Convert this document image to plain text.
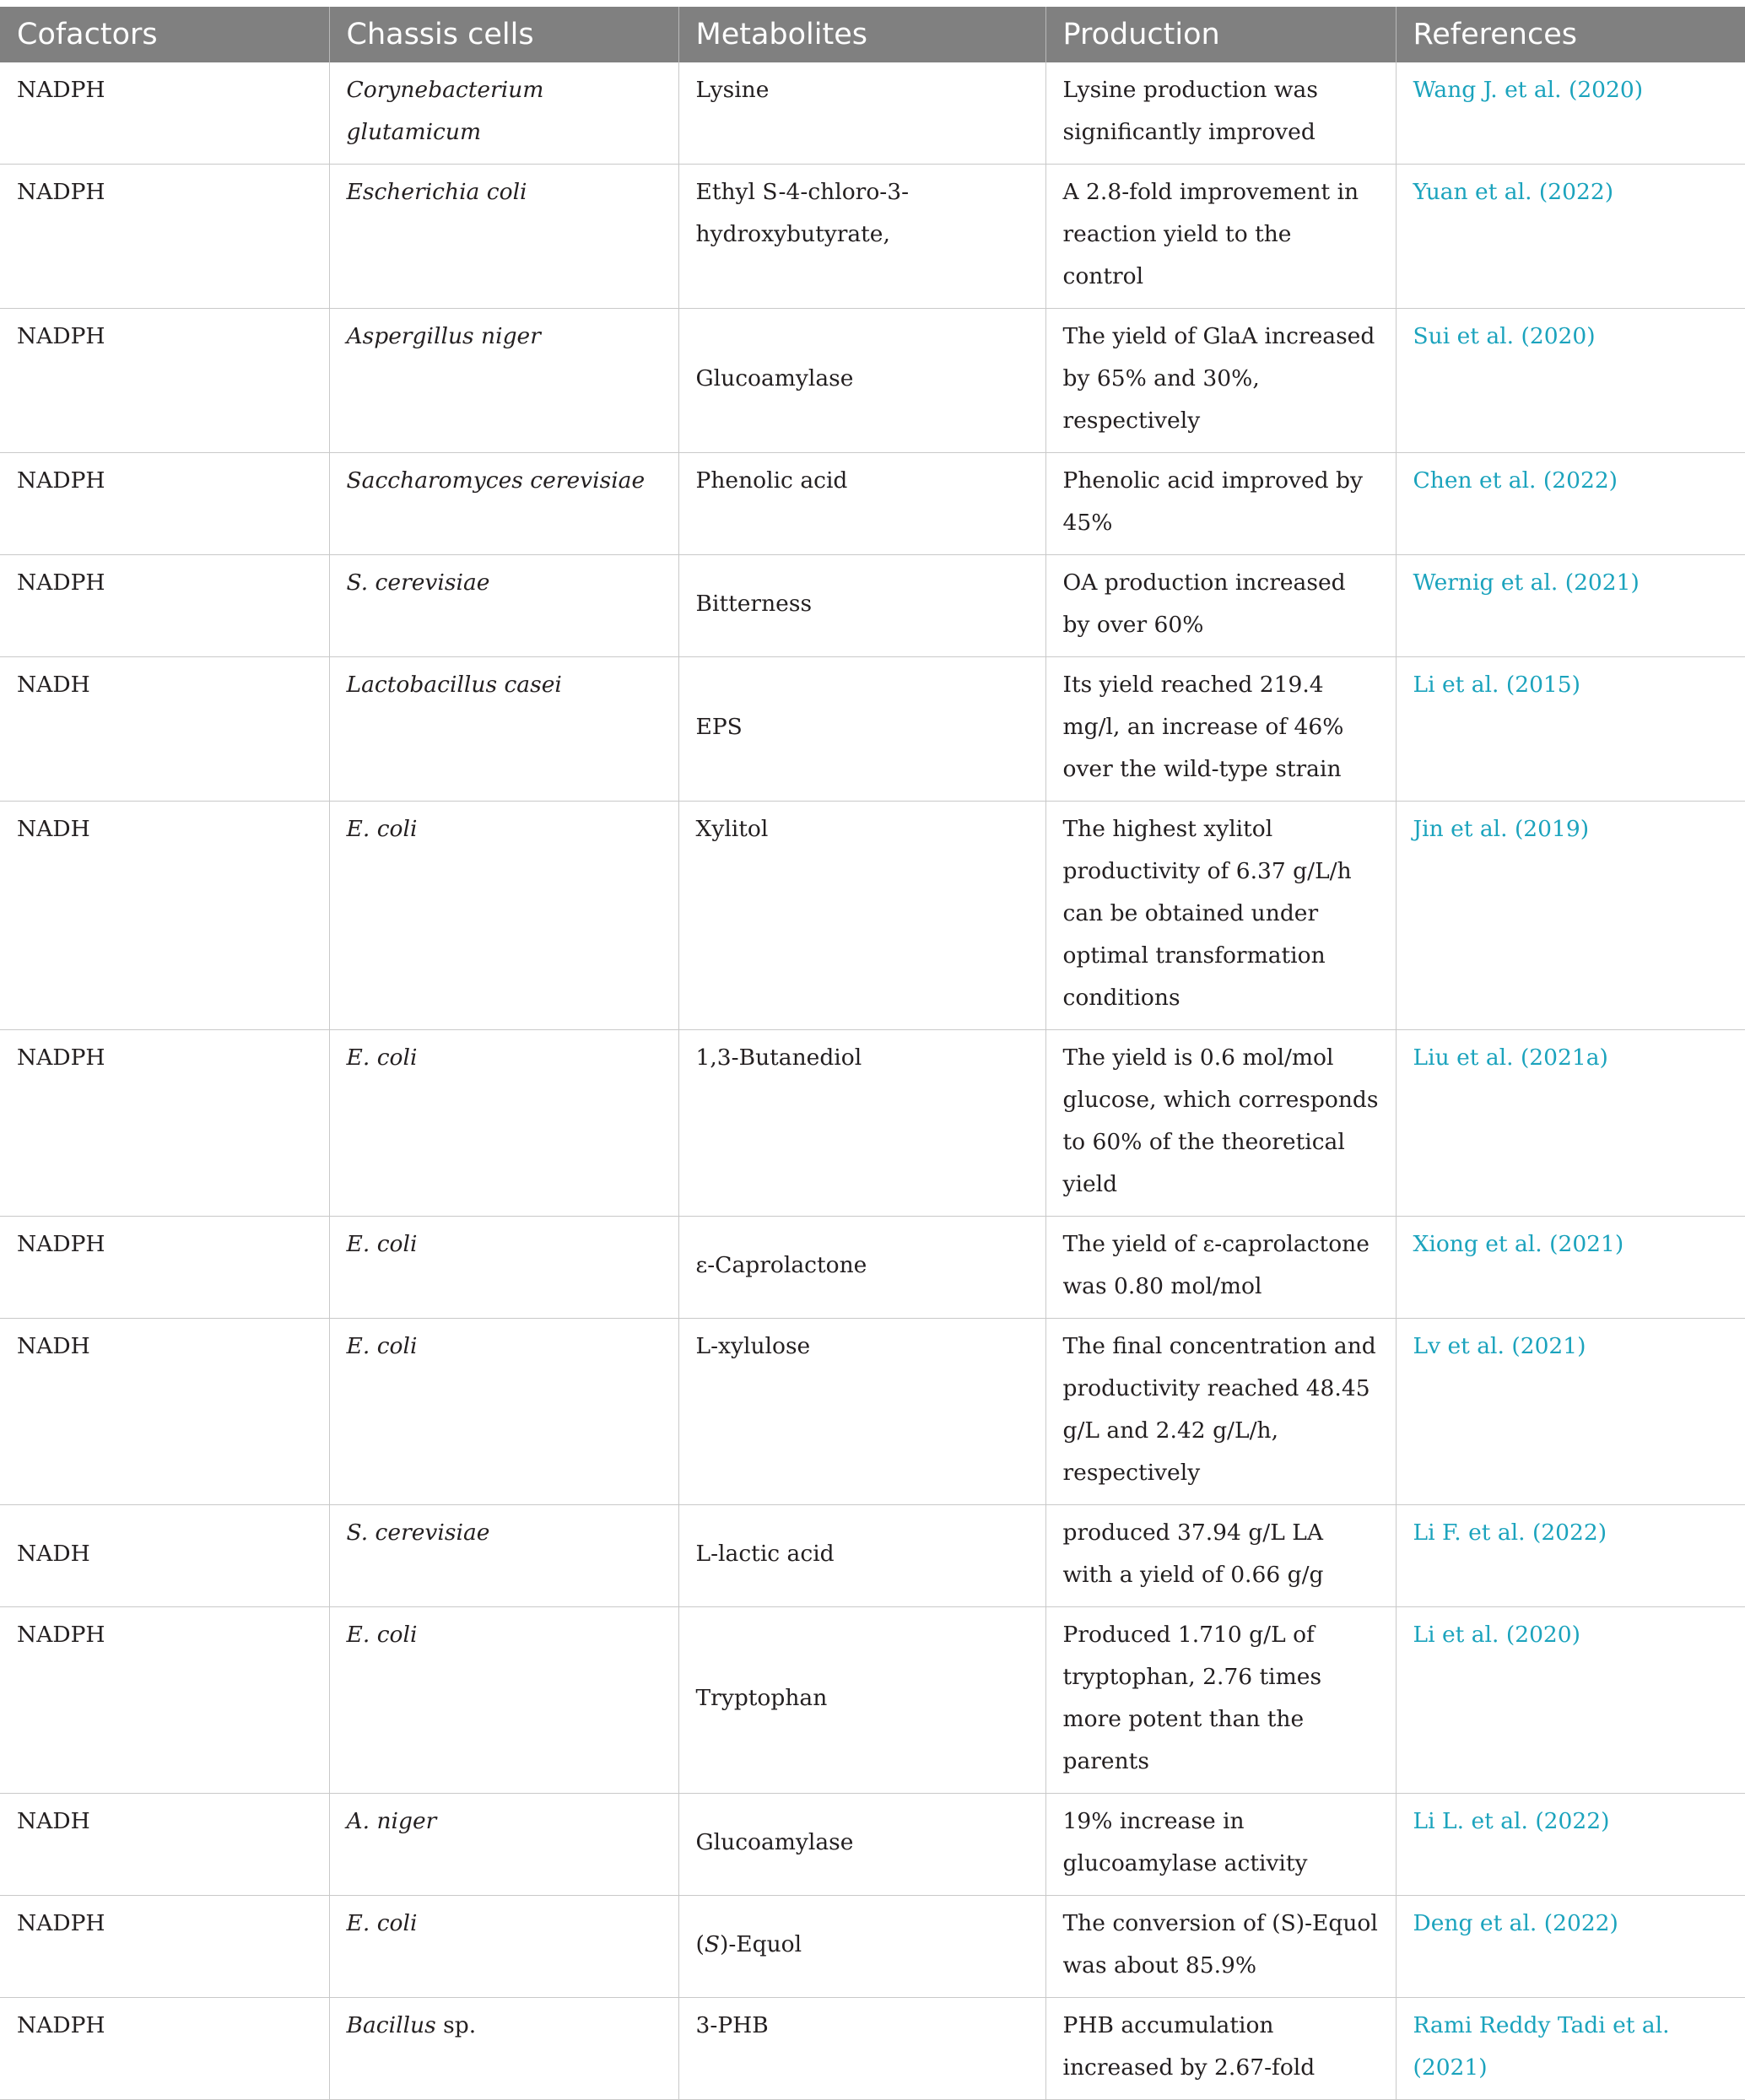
Cofactors	Chassis cells	Metabolites	Production	References
NADPH	Corynebacterium glutamicum	Lysine	Lysine production was significantly improved	Wang J. et al. (2020)
NADPH	Escherichia coli	Ethyl S-4-chloro-3-hydroxybutyrate,	A 2.8-fold improvement in reaction yield to the control	Yuan et al. (2022)
NADPH	Aspergillus niger	Glucoamylase	The yield of GlaA increased by 65% and 30%, respectively	Sui et al. (2020)
NADPH	Saccharomyces cerevisiae	Phenolic acid	Phenolic acid improved by 45%	Chen et al. (2022)
NADPH	S. cerevisiae	Bitterness	OA production increased by over 60%	Wernig et al. (2021)
NADH	Lactobacillus casei	EPS	Its yield reached 219.4 mg/l, an increase of 46% over the wild-type strain	Li et al. (2015)
NADH	E. coli	Xylitol	The highest xylitol productivity of 6.37 g/L/h can be obtained under optimal transformation conditions	Jin et al. (2019)
NADPH	E. coli	1,3-Butanediol	The yield is 0.6 mol/mol glucose, which corresponds to 60% of the theoretical yield	Liu et al. (2021a)
NADPH	E. coli	ε-Caprolactone	The yield of ε-caprolactone was 0.80 mol/mol	Xiong et al. (2021)
NADH	E. coli	L-xylulose	The final concentration and productivity reached 48.45 g/L and 2.42 g/L/h, respectively	Lv et al. (2021)
NADH	S. cerevisiae	L-lactic acid	produced 37.94 g/L LA with a yield of 0.66 g/g	Li F. et al. (2022)
NADPH	E. coli	Tryptophan	Produced 1.710 g/L of tryptophan, 2.76 times more potent than the parents	Li et al. (2020)
NADH	A. niger	Glucoamylase	19% increase in glucoamylase activity	Li L. et al. (2022)
NADPH	E. coli	(S)-Equol	The conversion of (S)-Equol was about 85.9%	Deng et al. (2022)
NADPH	Bacillus sp.	3-PHB	PHB accumulation increased by 2.67-fold	Rami Reddy Tadi et al. (2021)
